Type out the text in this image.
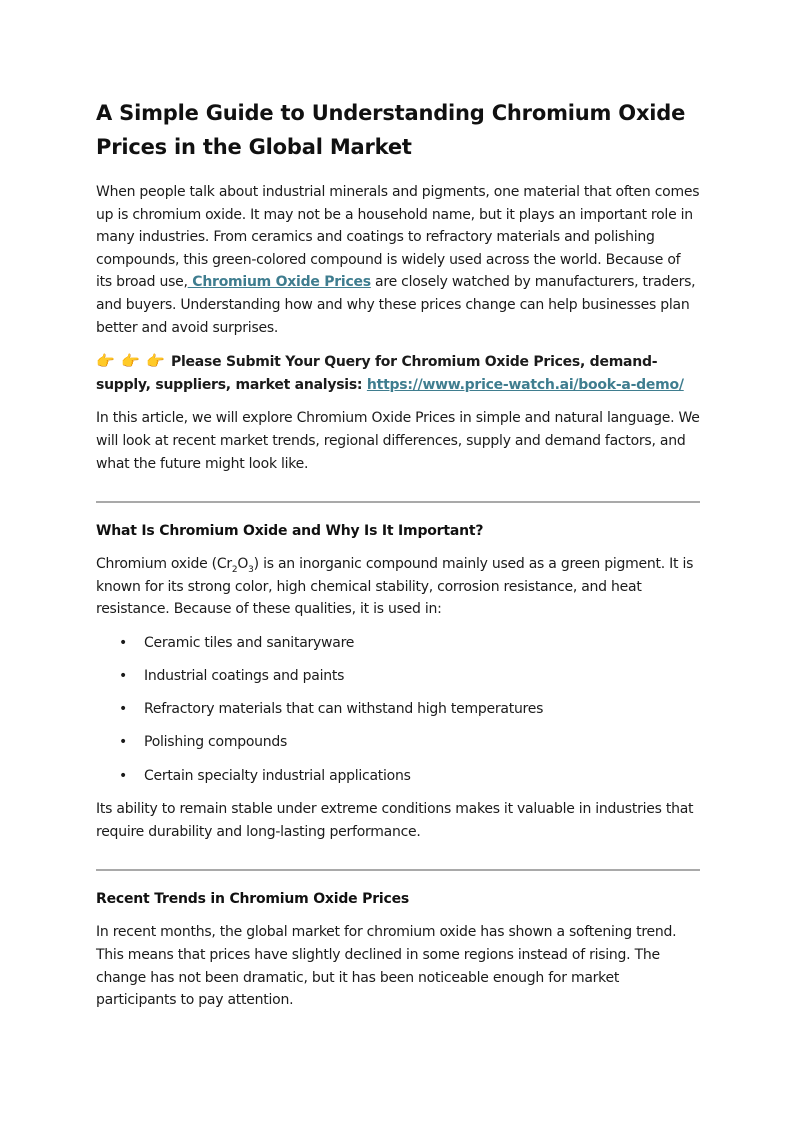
A Simple Guide to Understanding Chromium Oxide Prices in the Global Market

When people talk about industrial minerals and pigments, one material that often comes up is chromium oxide. It may not be a household name, but it plays an important role in many industries. From ceramics and coatings to refractory materials and polishing compounds, this green-colored compound is widely used across the world. Because of its broad use, Chromium Oxide Prices are closely watched by manufacturers, traders, and buyers. Understanding how and why these prices change can help businesses plan better and avoid surprises.

👉 👉 👉 Please Submit Your Query for Chromium Oxide Prices, demand-supply, suppliers, market analysis: https://www.price-watch.ai/book-a-demo/

In this article, we will explore Chromium Oxide Prices in simple and natural language. We will look at recent market trends, regional differences, supply and demand factors, and what the future might look like.

What Is Chromium Oxide and Why Is It Important?

Chromium oxide $(Cr_2O_3)$ is an inorganic compound mainly used as a green pigment. It is known for its strong color, high chemical stability, corrosion resistance, and heat resistance. Because of these qualities, it is used in:

• Ceramic tiles and sanitaryware
• Industrial coatings and paints
• Refractory materials that can withstand high temperatures
• Polishing compounds
• Certain specialty industrial applications

Its ability to remain stable under extreme conditions makes it valuable in industries that require durability and long-lasting performance.

Recent Trends in Chromium Oxide Prices

In recent months, the global market for chromium oxide has shown a softening trend. This means that prices have slightly declined in some regions instead of rising. The change has not been dramatic, but it has been noticeable enough for market participants to pay attention.
